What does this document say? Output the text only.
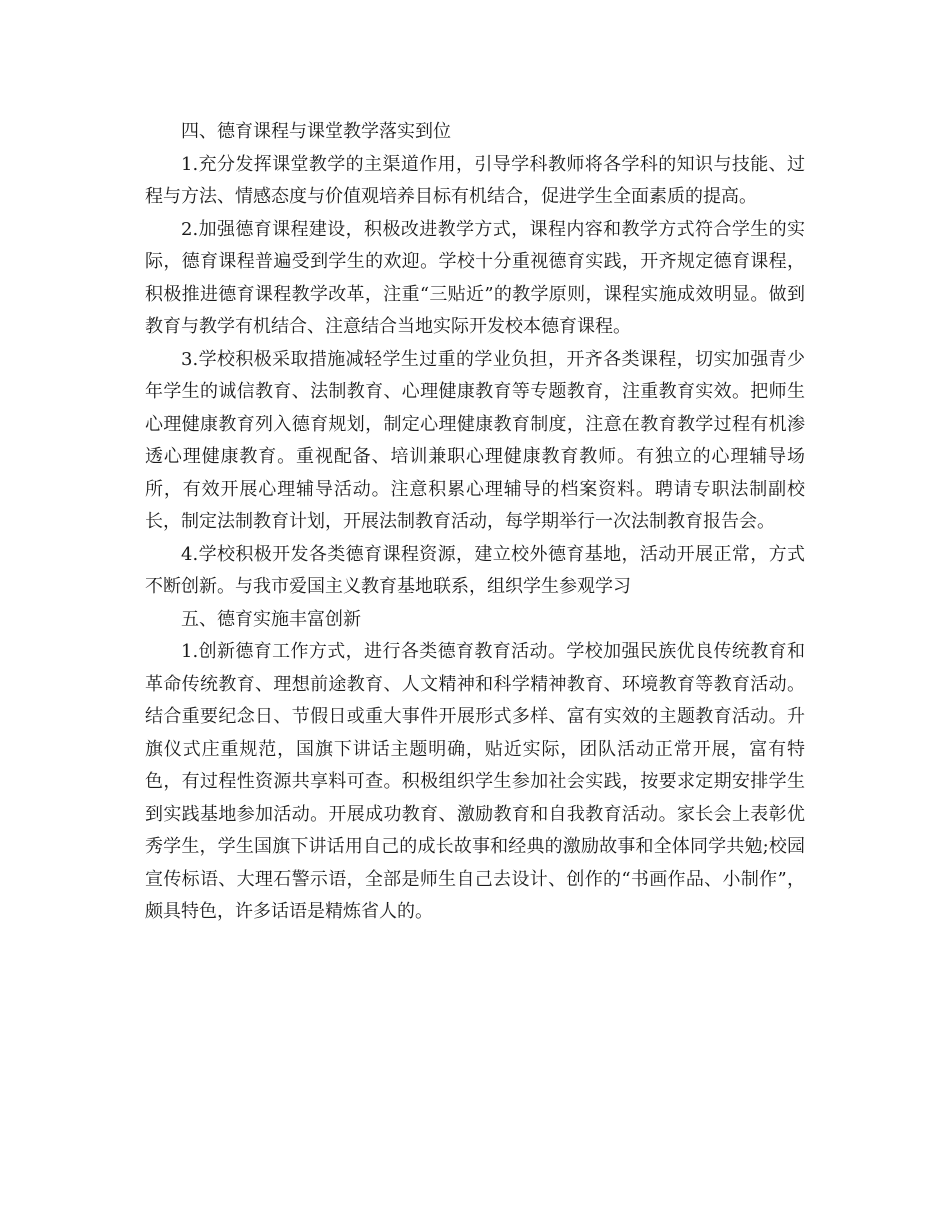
四、德育课程与课堂教学落实到位

1.充分发挥课堂教学的主渠道作用，引导学科教师将各学科的知识与技能、过程与方法、情感态度与价值观培养目标有机结合，促进学生全面素质的提高。

2.加强德育课程建设，积极改进教学方式，课程内容和教学方式符合学生的实际，德育课程普遍受到学生的欢迎。学校十分重视德育实践，开齐规定德育课程，积极推进德育课程教学改革，注重“三贴近”的教学原则，课程实施成效明显。做到教育与教学有机结合、注意结合当地实际开发校本德育课程。

3.学校积极采取措施减轻学生过重的学业负担，开齐各类课程，切实加强青少年学生的诚信教育、法制教育、心理健康教育等专题教育，注重教育实效。把师生心理健康教育列入德育规划，制定心理健康教育制度，注意在教育教学过程有机渗透心理健康教育。重视配备、培训兼职心理健康教育教师。有独立的心理辅导场所，有效开展心理辅导活动。注意积累心理辅导的档案资料。聘请专职法制副校长，制定法制教育计划，开展法制教育活动，每学期举行一次法制教育报告会。

4.学校积极开发各类德育课程资源，建立校外德育基地，活动开展正常，方式不断创新。与我市爱国主义教育基地联系，组织学生参观学习

五、德育实施丰富创新

1.创新德育工作方式，进行各类德育教育活动。学校加强民族优良传统教育和革命传统教育、理想前途教育、人文精神和科学精神教育、环境教育等教育活动。结合重要纪念日、节假日或重大事件开展形式多样、富有实效的主题教育活动。升旗仪式庄重规范，国旗下讲话主题明确，贴近实际，团队活动正常开展，富有特色，有过程性资源共享料可查。积极组织学生参加社会实践，按要求定期安排学生到实践基地参加活动。开展成功教育、激励教育和自我教育活动。家长会上表彰优秀学生，学生国旗下讲话用自己的成长故事和经典的激励故事和全体同学共勉;校园宣传标语、大理石警示语，全部是师生自己去设计、创作的“书画作品、小制作”，颇具特色，许多话语是精炼省人的。
